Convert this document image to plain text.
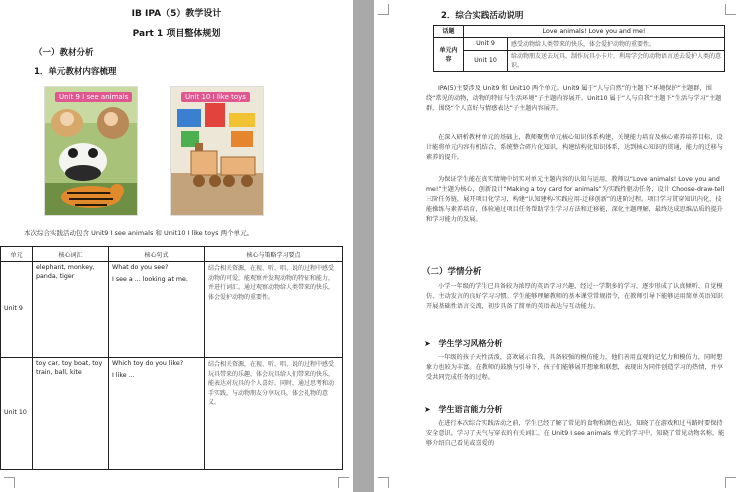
IB IPA（5）教学设计
Part 1 项目整体规划
（一）教材分析
1．单元教材内容梳理
Unit 9 I see animals	Unit 10 I like toys
本次综合实践活动包含 Unit9 I see animals 和 Unit10 I like toys 两个单元。
单元	核心词汇	核心句式	核心与策略学习要点
Unit 9	elephant, monkey, panda, tiger	What do you see?
I see a ... looking at me.	结合相关资源，在视、听、唱、说的过程中感受动物的可爱，能观察并发现动物的特征和能力，并进行词汇。通过观察动物给人类带来的快乐，体会爱护动物的重要性。
Unit 10	toy car, toy boat, toy train, ball, kite	Which toy do you like?
I like ...	结合相关资源，在视、听、唱、说的过程中感受玩具带来的乐趣，体会玩具给人们带来的快乐，能表达对玩具的个人喜好。同时，通过思考和动手实践，与动物朋友分享玩具，体会礼物的意义。
2．综合实践活动说明
话题	Love animals! Love you and me!	
单元内容	Unit 9	感受动物给人类带来的快乐，体会爱护动物的重要性。
	Unit 10	给动物朋友送去玩具，制作玩具小卡片，利用学会的动物语言送去爱护人类的意识。
IPA(5)主要涉及 Unit9 和 Unit10 两个单元。Unit9 属于“人与自然”的主题下“环境保护”主题群，围绕“常见的动物，动物的特征与生活环境”子主题内容展开。Unit10 属于“人与自我”主题下“生活与学习”主题群，围绕“个人喜好与情感表达”子主题内容展开。
在深入研析教材单元的基础上，教师聚焦单元核心知识体系构建，关键能力培育及核心素养培养目标，设计能将单元内容有机结合，系统整合碎片化知识，构建结构化知识体系，达到核心知识的贯通，能力的迁移与素养的提升。
为保证学生能在真实情境中切实对单元主题内容的认知与运用，教师以“Love animals! Love you and me!”主题为核心，创新设计“Making a toy card for animals”为实践性驱动任务，设计 Choose-draw-tell 三阶任务链，展开项目化学习，构建“认知建构-实践应用-迁移创新”的进阶过程。项目学习贯穿知识内化、技能操练与素养培育，体验通过项目任务帮助学生学习方法和迁移能，深化主题理解，最终达成思维品质的提升和学习能力的发展。
（二）学情分析
小学一年级的学生已具备较为浓厚的英语学习兴趣，经过一学期多的学习，逐步形成了认真倾听、自觉模仿、主动发言的良好学习习惯。学生能够理解教师的基本课堂常规指令，在教师引导下能够运用简单英语知识开展基础性语言交流，初步具备了简单的英语表达与互动能力。
➤ 学生学习风格分析
一年级的孩子天性活泼，喜欢展示自我，具备较强的模仿能力，他们善用直观的记忆力和模仿力，同时想象力也较为丰富。在教师的鼓励与引导下，孩子们能够展开想象和联想，表现出为同伴创造学习的热情，并享受共同完成任务的过程。
➤ 学生语言能力分析
在进行本次综合实践活动之前，学生已经了解了常见的食物和颜色表达，知晓了在游戏和过马路时要保持安全意识。学习了天气与穿衣的有关词汇。在 Unit9 I see animals 单元的学习中，知晓了常见动物名称，能够介绍自己看见或喜爱的
